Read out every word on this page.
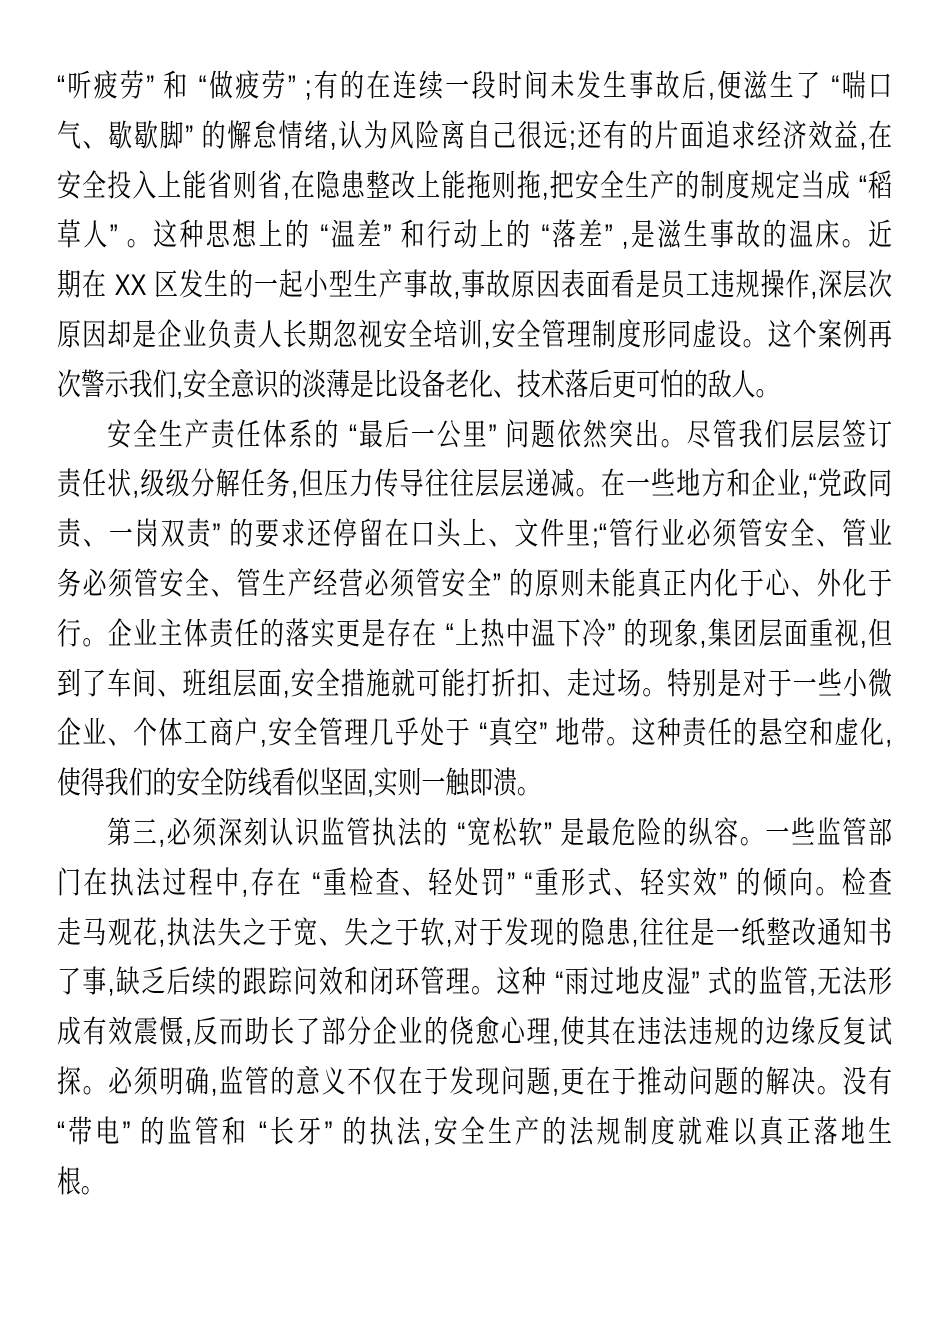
“听疲劳” 和 “做疲劳” ;有的在连续一段时间未发生事故后,便滋生了 “喘口
气、歇歇脚” 的懈怠情绪,认为风险离自己很远;还有的片面追求经济效益,在
安全投入上能省则省,在隐患整改上能拖则拖,把安全生产的制度规定当成 “稻
草人” 。这种思想上的 “温差” 和行动上的 “落差” ,是滋生事故的温床。近
期在 XX 区发生的一起小型生产事故,事故原因表面看是员工违规操作,深层次
原因却是企业负责人长期忽视安全培训,安全管理制度形同虚设。这个案例再
次警示我们,安全意识的淡薄是比设备老化、技术落后更可怕的敌人。
安全生产责任体系的 “最后一公里” 问题依然突出。尽管我们层层签订
责任状,级级分解任务,但压力传导往往层层递减。在一些地方和企业,“党政同
责、一岗双责” 的要求还停留在口头上、文件里;“管行业必须管安全、管业
务必须管安全、管生产经营必须管安全” 的原则未能真正内化于心、外化于
行。企业主体责任的落实更是存在 “上热中温下冷” 的现象,集团层面重视,但
到了车间、班组层面,安全措施就可能打折扣、走过场。特别是对于一些小微
企业、个体工商户,安全管理几乎处于 “真空” 地带。这种责任的悬空和虚化,
使得我们的安全防线看似坚固,实则一触即溃。
第三,必须深刻认识监管执法的 “宽松软” 是最危险的纵容。一些监管部
门在执法过程中,存在 “重检查、轻处罚” “重形式、轻实效” 的倾向。检查
走马观花,执法失之于宽、失之于软,对于发现的隐患,往往是一纸整改通知书
了事,缺乏后续的跟踪问效和闭环管理。这种 “雨过地皮湿” 式的监管,无法形
成有效震慑,反而助长了部分企业的侥愈心理,使其在违法违规的边缘反复试
探。必须明确,监管的意义不仅在于发现问题,更在于推动问题的解决。没有
“带电” 的监管和 “长牙” 的执法,安全生产的法规制度就难以真正落地生
根。
